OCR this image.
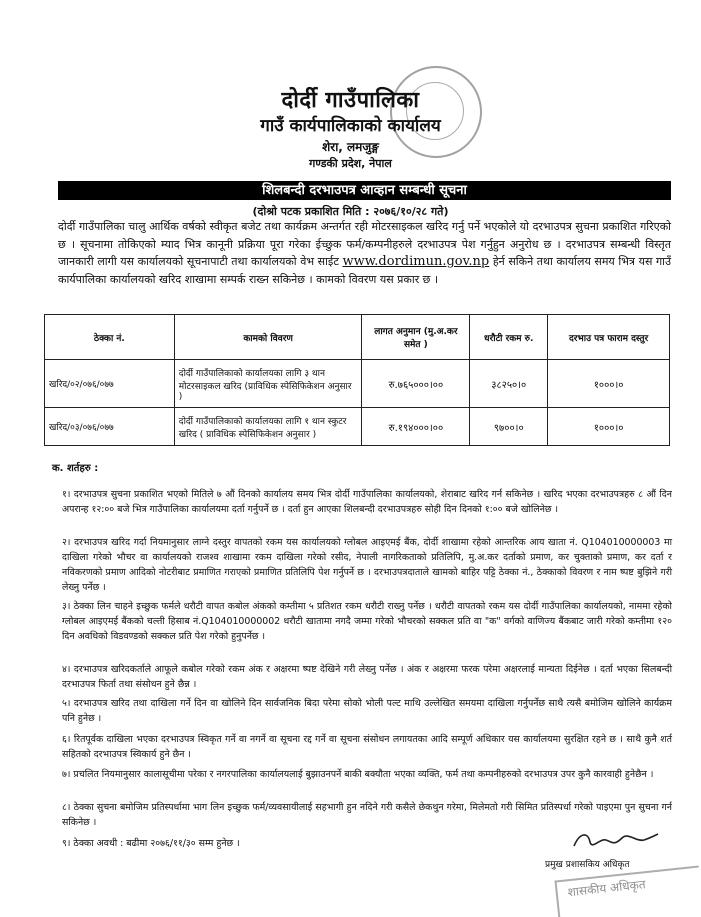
दोर्दी गाउँपालिका
गाउँ कार्यपालिकाको कार्यालय
शेरा, लमजुङ्ग
गण्डकी प्रदेश, नेपाल
शिलबन्दी दरभाउपत्र आव्हान सम्बन्धी सूचना
(दोश्रो पटक प्रकाशित मिति : २०७६/१०/२८ गते)
दोर्दी गाउँपालिका चालु आर्थिक वर्षको स्वीकृत बजेट तथा कार्यक्रम अन्तर्गत रही मोटरसाइकल खरिद गर्नु पर्ने भएकोले यो दरभाउपत्र सुचना प्रकाशित गरिएको छ । सूचनामा तोकिएको म्याद भित्र कानूनी प्रक्रिया पूरा गरेका ईच्छुक फर्म/कम्पनीहरुले दरभाउपत्र पेश गर्नुहुन अनुरोध छ । दरभाउपत्र सम्बन्धी विस्तृत जानकारी लागी यस कार्यालयको सूचनापाटी तथा कार्यालयको वेभ साईट www.dordimun.gov.np हेर्न सकिने तथा कार्यालय समय भित्र यस गाउँ कार्यपालिका कार्यालयको खरिद शाखामा सम्पर्क राख्न सकिनेछ । कामको विवरण यस प्रकार छ ।
ठेक्का नं.	कामको विवरण	लागत अनुमान (मु.अ.कर समेत )	धरौटी रकम रु.	दरभाउ पत्र फाराम दस्तुर
खरिद/०२/०७६/०७७	दोर्दी गाउँपालिकाको कार्यालयका लागि ३ थान मोटरसाइकल खरिद (प्राविधिक स्पेसिफिकेशन अनुसार )	रु.७६५०००।००	३८२५०।०	१०००।०
खरिद/०३/०७६/०७७	दोर्दी गाउँपालिकाको कार्यालयका लागि १ थान स्कुटर खरिद ( प्राविधिक स्पेसिफिकेशन अनुसार )	रु.१९४०००।००	९७००।०	१०००।०
क. शर्तहरु :
१। दरभाउपत्र सुचना प्रकाशित भएको मितिले ७ औं दिनको कार्यालय समय भित्र दोर्दी गाउँपालिका कार्यालयको, शेराबाट खरिद गर्न सकिनेछ । खरिद भएका दरभाउपत्रहरु ८ औं दिन अपरान्ह १२:०० बजे भित्र गाउँपालिका कार्यालयमा दर्ता गर्नुपर्ने छ । दर्ता हुन आएका शिलबन्दी दरभाउपत्रहरु सोही दिन दिनको १:०० बजे खोलिनेछ ।
२। दरभाउपत्र खरिद गर्दा नियमानुसार लाग्ने दस्तुर वापतको रकम यस कार्यालयको ग्लोबल आइएमई बैंक, दोर्दी शाखामा रहेको आन्तरिक आय खाता नं. Q104010000003 मा दाखिला गरेको भौचर वा कार्यालयको राजश्व शाखामा रकम दाखिला गरेको रसीद, नेपाली नागरिकताको प्रतिलिपि, मु.अ.कर दर्ताको प्रमाण, कर चुक्ताको प्रमाण, कर दर्ता र नविकरणको प्रमाण आदिको नोटरीबाट प्रमाणित गराएको प्रमाणित प्रतिलिपि पेश गर्नुपर्ने छ । दरभाउपत्रदाताले खामको बाहिर पट्टि ठेक्का नं., ठेक्काको विवरण र नाम ष्पष्ट बुझिने गरी लेख्नु पर्नेछ ।
३। ठेक्का लिन चाहने इच्छुक फर्मले धरौटी वापत कबोल अंकको कम्तीमा ५ प्रतिशत रकम धरौटी राख्नु पर्नेछ । धरौटी वापतको रकम यस दोर्दी गाउँपालिका कार्यालयको, नाममा रहेको ग्लोबल आइएमई बैंकको चल्ती हिसाब नं.Q104010000002 धरौटी खातामा नगदै जम्मा गरेको भौचरको सक्कल प्रति वा "क" वर्गको वाणिज्य बैंकबाट जारी गरेको कम्तीमा १२० दिन अवधिको विडवण्डको सक्कल प्रति पेश गरेको हुनुपर्नेछ ।
४। दरभाउपत्र खरिदकर्ताले आफूले कबोल गरेको रकम अंक र अक्षरमा ष्पष्ट देखिने गरी लेख्नु पर्नेछ । अंक र अक्षरमा फरक परेमा अक्षरलाई मान्यता दिईनेछ । दर्ता भएका सिलबन्दी दरभाउपत्र फिर्ता तथा संसोधन हुने छैन्न ।
५। दरभाउपत्र खरिद तथा दाखिला गर्ने दिन वा खोलिने दिन सार्वजनिक बिदा परेमा सोको भोली पल्ट माथि उल्लेखित समयमा दाखिला गर्नुपर्नेछ साथै त्यसै बमोजिम खोलिने कार्यक्रम पनि हुनेछ ।
६। रितपूर्वक दाखिला भएका दरभाउपत्र स्विकृत गर्ने वा नगर्ने वा सूचना रद्द गर्ने वा सूचना संसोधन लगायतका आदि सम्पूर्ण अधिकार यस कार्यालयमा सुरक्षित रहने छ । साथै कुनै शर्त सहितको दरभाउपत्र स्विकार्य हुने छैन ।
७। प्रचलित नियमानुसार कालासूचीमा परेका र नगरपालिका कार्यालयलाई बुझाउनपर्ने बाकी बक्यौता भएका व्यक्ति, फर्म तथा कम्पनीहरुको दरभाउपत्र उपर कुनै कारवाही हुनेछैन ।
८। ठेक्का सुचना बमोजिम प्रतिस्पर्धामा भाग लिन इच्छुक फर्म/व्यवसायीलाई सहभागी हुन नदिने गरी कसैले छेकथुन गरेमा, मिलेमतो गरी सिमित प्रतिस्पर्धा गरेको पाइएमा पुन सुचना गर्न सकिनेछ ।
९। ठेक्का अवधी : बढीमा २०७६/११/३० सम्म हुनेछ ।
प्रमुख प्रशासकिय अधिकृत
शासकीय अधिकृत
